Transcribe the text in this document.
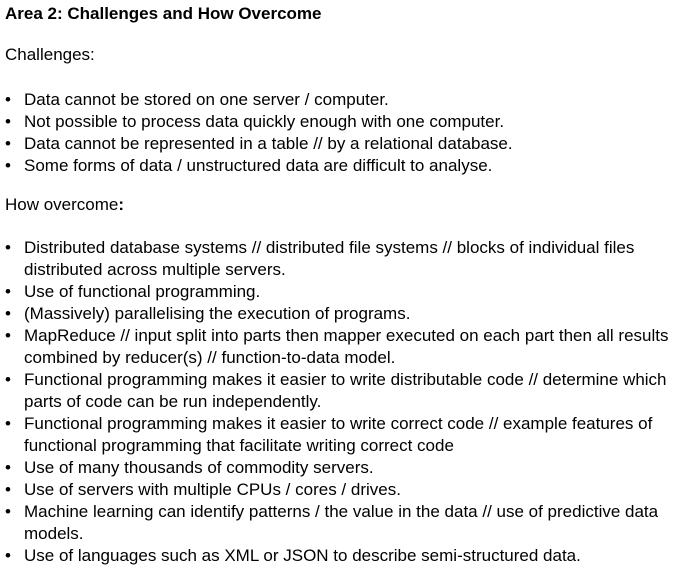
Area 2: Challenges and How Overcome
Challenges:
• Data cannot be stored on one server / computer.
• Not possible to process data quickly enough with one computer.
• Data cannot be represented in a table // by a relational database.
• Some forms of data / unstructured data are difficult to analyse.
How overcome:
• Distributed database systems // distributed file systems // blocks of individual files distributed across multiple servers.
• Use of functional programming.
• (Massively) parallelising the execution of programs.
• MapReduce // input split into parts then mapper executed on each part then all results combined by reducer(s) // function-to-data model.
• Functional programming makes it easier to write distributable code // determine which parts of code can be run independently.
• Functional programming makes it easier to write correct code // example features of functional programming that facilitate writing correct code
• Use of many thousands of commodity servers.
• Use of servers with multiple CPUs / cores / drives.
• Machine learning can identify patterns / the value in the data // use of predictive data models.
• Use of languages such as XML or JSON to describe semi-structured data.
